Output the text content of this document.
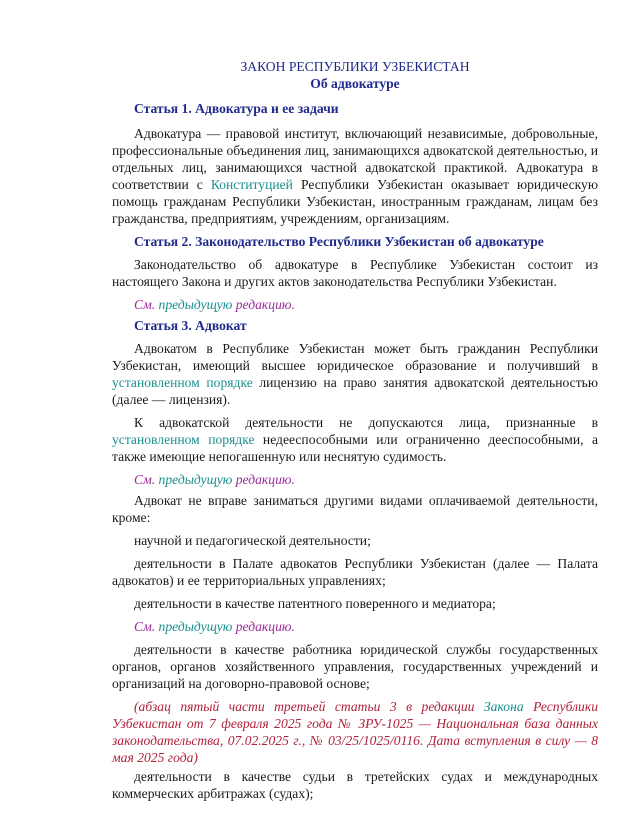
ЗАКОН РЕСПУБЛИКИ УЗБЕКИСТАН

Об адвокатуре

Статья 1. Адвокатура и ее задачи

Адвокатура — правовой институт, включающий независимые, добровольные, профессиональные объединения лиц, занимающихся адвокатской деятельностью, и отдельных лиц, занимающихся частной адвокатской практикой. Адвокатура в соответствии с Конституцией Республики Узбекистан оказывает юридическую помощь гражданам Республики Узбекистан, иностранным гражданам, лицам без гражданства, предприятиям, учреждениям, организациям.

Статья 2. Законодательство Республики Узбекистан об адвокатуре

Законодательство об адвокатуре в Республике Узбекистан состоит из настоящего Закона и других актов законодательства Республики Узбекистан.

См. предыдущую редакцию.

Статья 3. Адвокат

Адвокатом в Республике Узбекистан может быть гражданин Республики Узбекистан, имеющий высшее юридическое образование и получивший в установленном порядке лицензию на право занятия адвокатской деятельностью (далее — лицензия).

К адвокатской деятельности не допускаются лица, признанные в установленном порядке недееспособными или ограниченно дееспособными, а также имеющие непогашенную или неснятую судимость.

См. предыдущую редакцию.

Адвокат не вправе заниматься другими видами оплачиваемой деятельности, кроме:

научной и педагогической деятельности;

деятельности в Палате адвокатов Республики Узбекистан (далее — Палата адвокатов) и ее территориальных управлениях;

деятельности в качестве патентного поверенного и медиатора;

См. предыдущую редакцию.

деятельности в качестве работника юридической службы государственных органов, органов хозяйственного управления, государственных учреждений и организаций на договорно-правовой основе;

(абзац пятый части третьей статьи 3 в редакции Закона Республики Узбекистан от 7 февраля 2025 года № ЗРУ-1025 — Национальная база данных законодательства, 07.02.2025 г., № 03/25/1025/0116. Дата вступления в силу — 8 мая 2025 года)

деятельности в качестве судьи в третейских судах и международных коммерческих арбитражах (судах);
